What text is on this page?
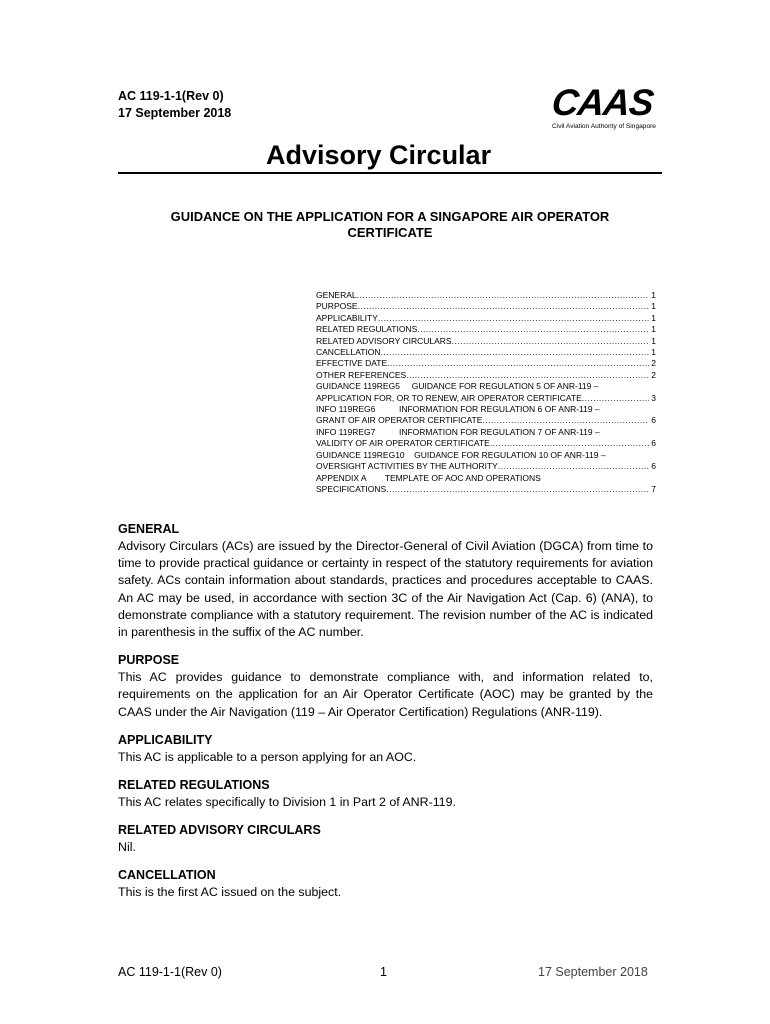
AC 119-1-1(Rev 0)
17 September 2018	CAAS
Civil Aviation Authority of Singapore
Advisory Circular
GUIDANCE ON THE APPLICATION FOR A SINGAPORE AIR OPERATOR
CERTIFICATE
GENERAL .....	1
PURPOSE .....	1
APPLICABILITY .....	1
RELATED REGULATIONS .....	1
RELATED ADVISORY CIRCULARS .....	1
CANCELLATION .....	1
EFFECTIVE DATE .....	2
OTHER REFERENCES .....	2
GUIDANCE 119REG5     GUIDANCE FOR REGULATION 5 OF ANR-119 –
APPLICATION FOR, OR TO RENEW, AIR OPERATOR CERTIFICATE .....	3
INFO 119REG6          INFORMATION FOR REGULATION 6 OF ANR-119 –
GRANT OF AIR OPERATOR CERTIFICATE .....	6
INFO 119REG7          INFORMATION FOR REGULATION 7 OF ANR-119 –
VALIDITY OF AIR OPERATOR CERTIFICATE .....	6
GUIDANCE 119REG10    GUIDANCE FOR REGULATION 10 OF ANR-119 –
OVERSIGHT ACTIVITIES BY THE AUTHORITY .....	6
APPENDIX A        TEMPLATE OF AOC AND OPERATIONS
SPECIFICATIONS .....	7
GENERAL

Advisory Circulars (ACs) are issued by the Director-General of Civil Aviation (DGCA) from time to time to provide practical guidance or certainty in respect of the statutory requirements for aviation safety. ACs contain information about standards, practices and procedures acceptable to CAAS. An AC may be used, in accordance with section 3C of the Air Navigation Act (Cap. 6) (ANA), to demonstrate compliance with a statutory requirement. The revision number of the AC is indicated in parenthesis in the suffix of the AC number.

PURPOSE

This AC provides guidance to demonstrate compliance with, and information related to, requirements on the application for an Air Operator Certificate (AOC) may be granted by the CAAS under the Air Navigation (119 – Air Operator Certification) Regulations (ANR-119).

APPLICABILITY

This AC is applicable to a person applying for an AOC.

RELATED REGULATIONS

This AC relates specifically to Division 1 in Part 2 of ANR-119.

RELATED ADVISORY CIRCULARS

Nil.

CANCELLATION

This is the first AC issued on the subject.

AC 119-1-1(Rev 0)	1	17 September 2018
